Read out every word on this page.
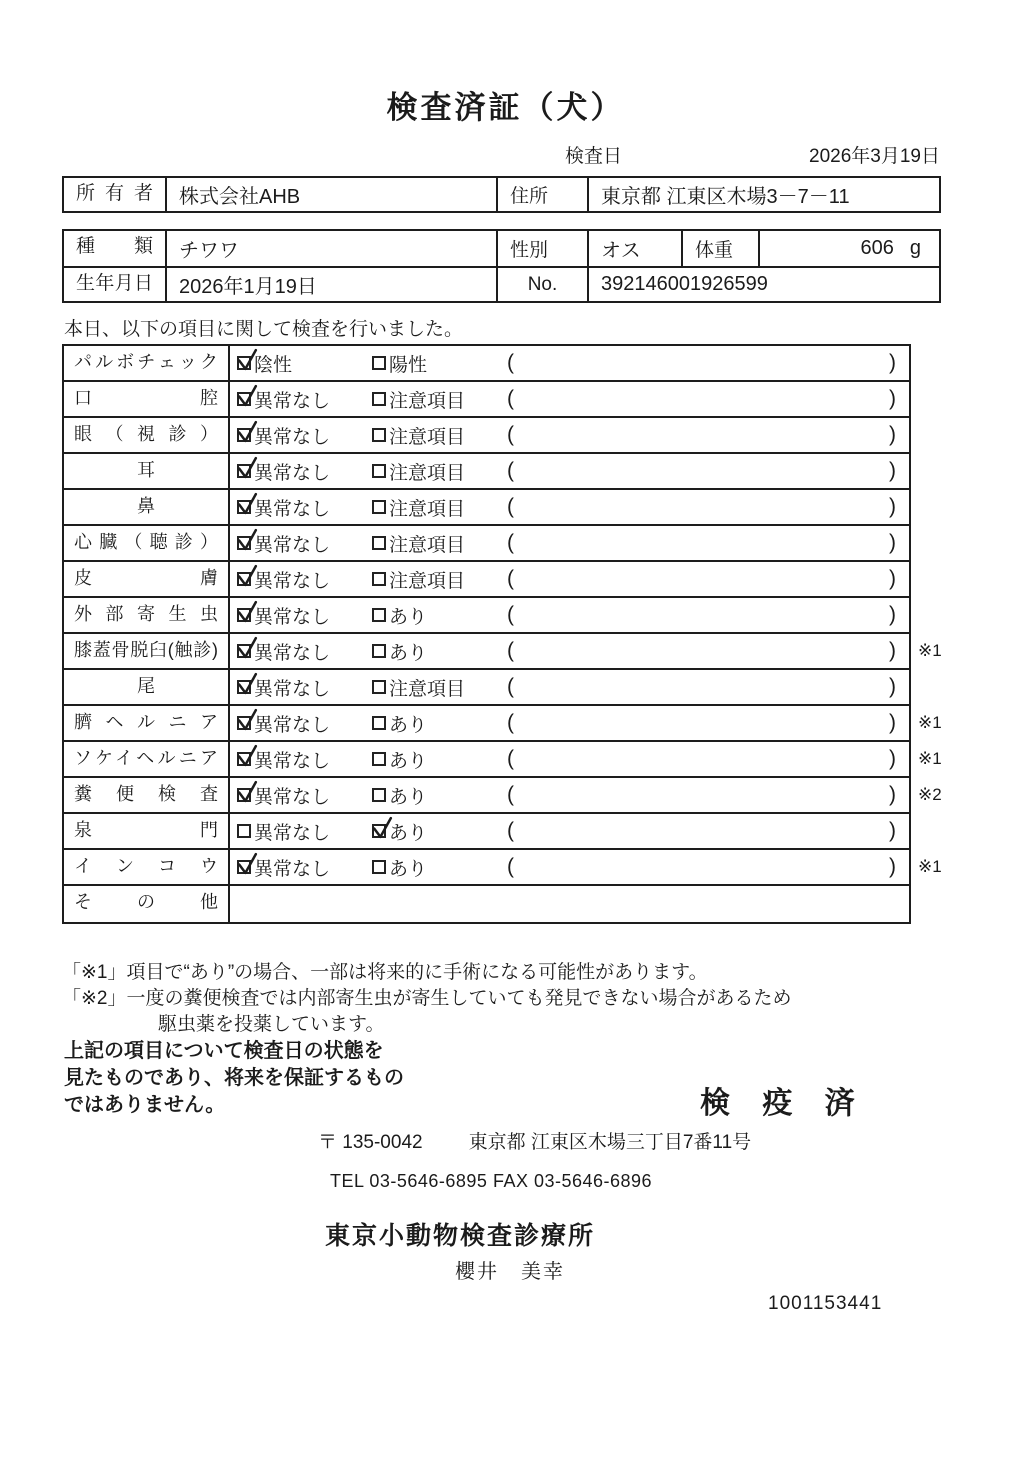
検査済証（犬）
検査日	2026年3月19日
所有者	株式会社AHB	住所	東京都 江東区木場3－7－11
種類	チワワ	性別	オス	体重	606 g
生年月日	2026年1月19日	No.	392146001926599
本日、以下の項目に関して検査を行いました。
パルボチェック	陰性	陽性	(	)
口腔	異常なし	注意項目 (	)
眼（視診）	異常なし	注意項目 (	)
耳	異常なし	注意項目 (	)
鼻	異常なし	注意項目 (	)
心臓（聴診）	異常なし	注意項目 (	)
皮膚	異常なし	注意項目 (	)
外部寄生虫	異常なし	あり	(	)
膝蓋骨脱臼(触診)	異常なし	あり	(	) ※1
尾	異常なし	注意項目 (	)
臍ヘルニア	異常なし	あり	(	) ※1
ソケイヘルニア	異常なし	あり	(	) ※1
糞便検査	異常なし	あり	(	) ※2
泉門	異常なし	あり	(	)
インコウ	異常なし	あり	(	) ※1
その他
「※1」項目で“あり”の場合、一部は将来的に手術になる可能性があります。
「※2」一度の糞便検査では内部寄生虫が寄生していても発見できない場合があるため
駆虫薬を投薬しています。
上記の項目について検査日の状態を
見たものであり、将来を保証するもの
ではありません。	検 疫 済
〒 135-0042 東京都 江東区木場三丁目7番11号
TEL 03-5646-6895 FAX 03-5646-6896
東京小動物検査診療所
櫻井　美幸
1001153441
